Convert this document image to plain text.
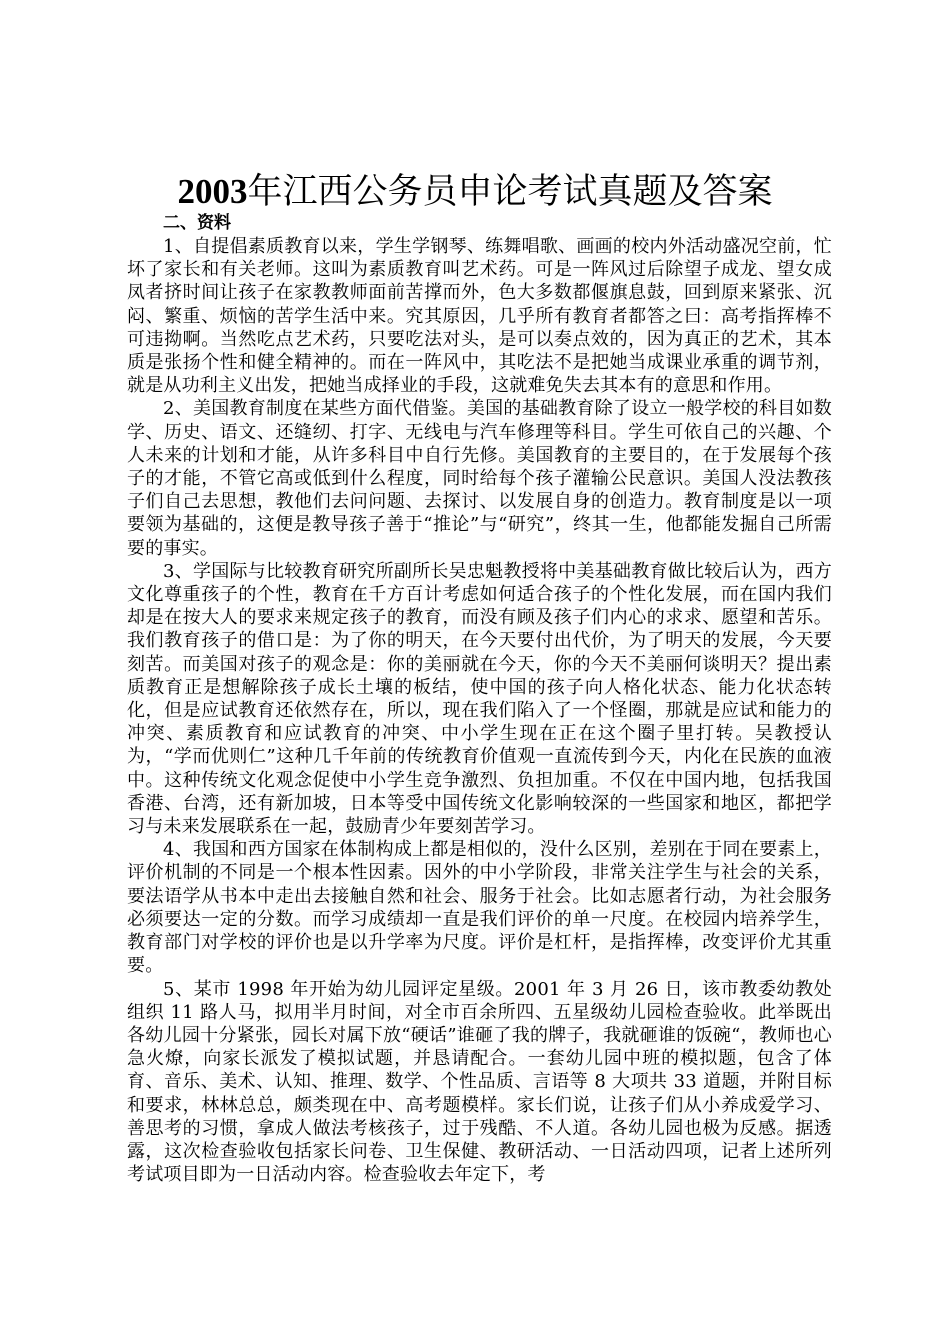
2003年江西公务员申论考试真题及答案

二、资料

1、自提倡素质教育以来，学生学钢琴、练舞唱歌、画画的校内外活动盛况空前，忙坏了家长和有关老师。这叫为素质教育叫艺术药。可是一阵风过后除望子成龙、望女成凤者挤时间让孩子在家教教师面前苦撑而外，色大多数都偃旗息鼓，回到原来紧张、沉闷、繁重、烦恼的苦学生活中来。究其原因，几乎所有教育者都答之曰：高考指挥棒不可违拗啊。当然吃点艺术药，只要吃法对头，是可以奏点效的，因为真正的艺术，其本质是张扬个性和健全精神的。而在一阵风中，其吃法不是把她当成课业承重的调节剂，就是从功利主义出发，把她当成择业的手段，这就难免失去其本有的意思和作用。

2、美国教育制度在某些方面代借鉴。美国的基础教育除了设立一般学校的科目如数学、历史、语文、还缝纫、打字、无线电与汽车修理等科目。学生可依自己的兴趣、个人未来的计划和才能，从许多科目中自行先修。美国教育的主要目的，在于发展每个孩子的才能，不管它高或低到什么程度，同时给每个孩子灌输公民意识。美国人没法教孩子们自己去思想，教他们去问问题、去探讨、以发展自身的创造力。教育制度是以一项要领为基础的，这便是教导孩子善于“推论”与“研究”，终其一生，他都能发掘自己所需要的事实。

3、学国际与比较教育研究所副所长吴忠魁教授将中美基础教育做比较后认为，西方文化尊重孩子的个性，教育在千方百计考虑如何适合孩子的个性化发展，而在国内我们却是在按大人的要求来规定孩子的教育，而没有顾及孩子们内心的求求、愿望和苦乐。我们教育孩子的借口是：为了你的明天，在今天要付出代价，为了明天的发展，今天要刻苦。而美国对孩子的观念是：你的美丽就在今天，你的今天不美丽何谈明天？提出素质教育正是想解除孩子成长土壤的板结，使中国的孩子向人格化状态、能力化状态转化，但是应试教育还依然存在，所以，现在我们陷入了一个怪圈，那就是应试和能力的冲突、素质教育和应试教育的冲突、中小学生现在正在这个圈子里打转。吴教授认为，“学而优则仁”这种几千年前的传统教育价值观一直流传到今天，内化在民族的血液中。这种传统文化观念促使中小学生竞争激烈、负担加重。不仅在中国内地，包括我国香港、台湾，还有新加坡，日本等受中国传统文化影响较深的一些国家和地区，都把学习与未来发展联系在一起，鼓励青少年要刻苦学习。

4、我国和西方国家在体制构成上都是相似的，没什么区别，差别在于同在要素上，评价机制的不同是一个根本性因素。因外的中小学阶段，非常关注学生与社会的关系，要法语学从书本中走出去接触自然和社会、服务于社会。比如志愿者行动，为社会服务必须要达一定的分数。而学习成绩却一直是我们评价的单一尺度。在校园内培养学生，教育部门对学校的评价也是以升学率为尺度。评价是杠杆，是指挥棒，改变评价尤其重要。

5、某市 1998 年开始为幼儿园评定星级。2001 年 3 月 26 日，该市教委幼教处组织 11 路人马，拟用半月时间，对全市百余所四、五星级幼儿园检查验收。此举既出各幼儿园十分紧张，园长对属下放“硬话”谁砸了我的牌子，我就砸谁的饭碗“，教师也心急火燎，向家长派发了模拟试题，并恳请配合。一套幼儿园中班的模拟题，包含了体育、音乐、美术、认知、推理、数学、个性品质、言语等 8 大项共 33 道题，并附目标和要求，林林总总，颇类现在中、高考题模样。家长们说，让孩子们从小养成爱学习、善思考的习惯，拿成人做法考核孩子，过于残酷、不人道。各幼儿园也极为反感。据透露，这次检查验收包括家长问卷、卫生保健、教研活动、一日活动四项，记者上述所列考试项目即为一日活动内容。检查验收去年定下，考
